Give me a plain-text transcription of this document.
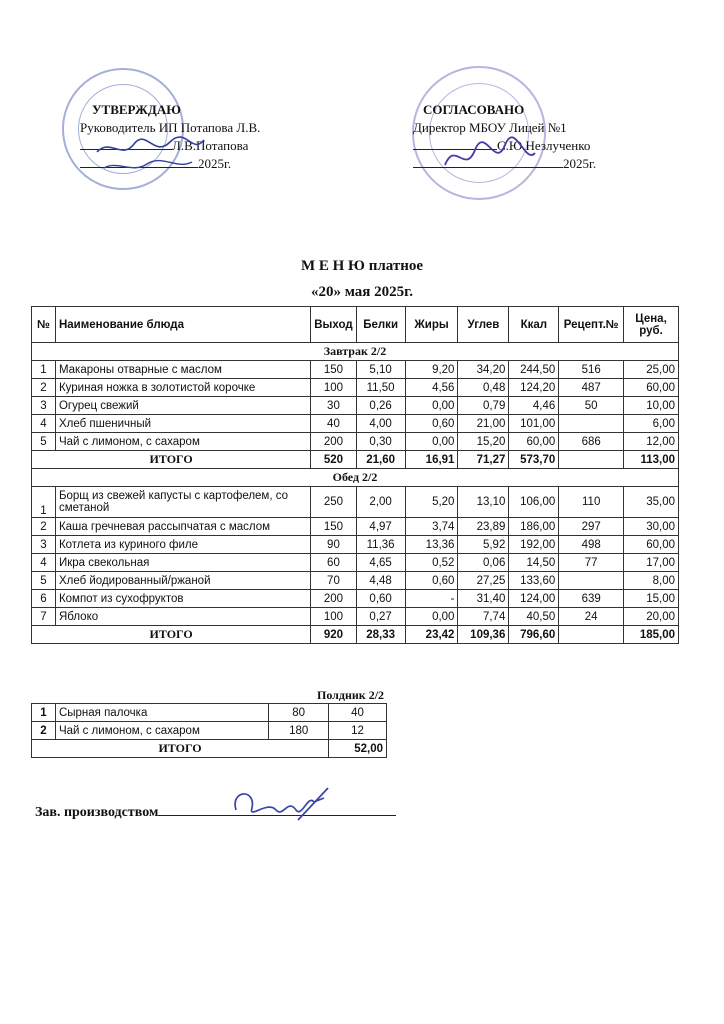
УТВЕРЖДАЮ
Руководитель ИП Потапова Л.В.
Л.В.Потапова
2025г.
СОГЛАСОВАНО
Директор МБОУ Лицей №1
С.Ю.Незлученко
2025г.
М Е Н Ю платное
«20» мая 2025г.
№	Наименование блюда	Выход	Белки	Жиры	Углев	Ккал	Рецепт.№	Цена, руб.
Завтрак 2/2								
1	Макароны отварные с маслом	150	5,10	9,20	34,20	244,50	516	25,00
2	Куриная ножка в золотистой корочке	100	11,50	4,56	0,48	124,20	487	60,00
3	Огурец свежий	30	0,26	0,00	0,79	4,46	50	10,00
4	Хлеб пшеничный	40	4,00	0,60	21,00	101,00		6,00
5	Чай с лимоном, с сахаром	200	0,30	0,00	15,20	60,00	686	12,00
ИТОГО		520	21,60	16,91	71,27	573,70		113,00
Обед 2/2								
1	Борщ из свежей капусты с картофелем, со сметаной	250	2,00	5,20	13,10	106,00	110	35,00
2	Каша гречневая рассыпчатая с маслом	150	4,97	3,74	23,89	186,00	297	30,00
3	Котлета из куриного филе	90	11,36	13,36	5,92	192,00	498	60,00
4	Икра свекольная	60	4,65	0,52	0,06	14,50	77	17,00
5	Хлеб йодированный/ржаной	70	4,48	0,60	27,25	133,60		8,00
6	Компот из сухофруктов	200	0,60	-	31,40	124,00	639	15,00
7	Яблоко	100	0,27	0,00	7,74	40,50	24	20,00
ИТОГО		920	28,33	23,42	109,36	796,60		185,00
Полдник 2/2
1	Сырная палочка	80	40
2	Чай с лимоном, с сахаром	180	12
ИТОГО			52,00
Зав. производством
